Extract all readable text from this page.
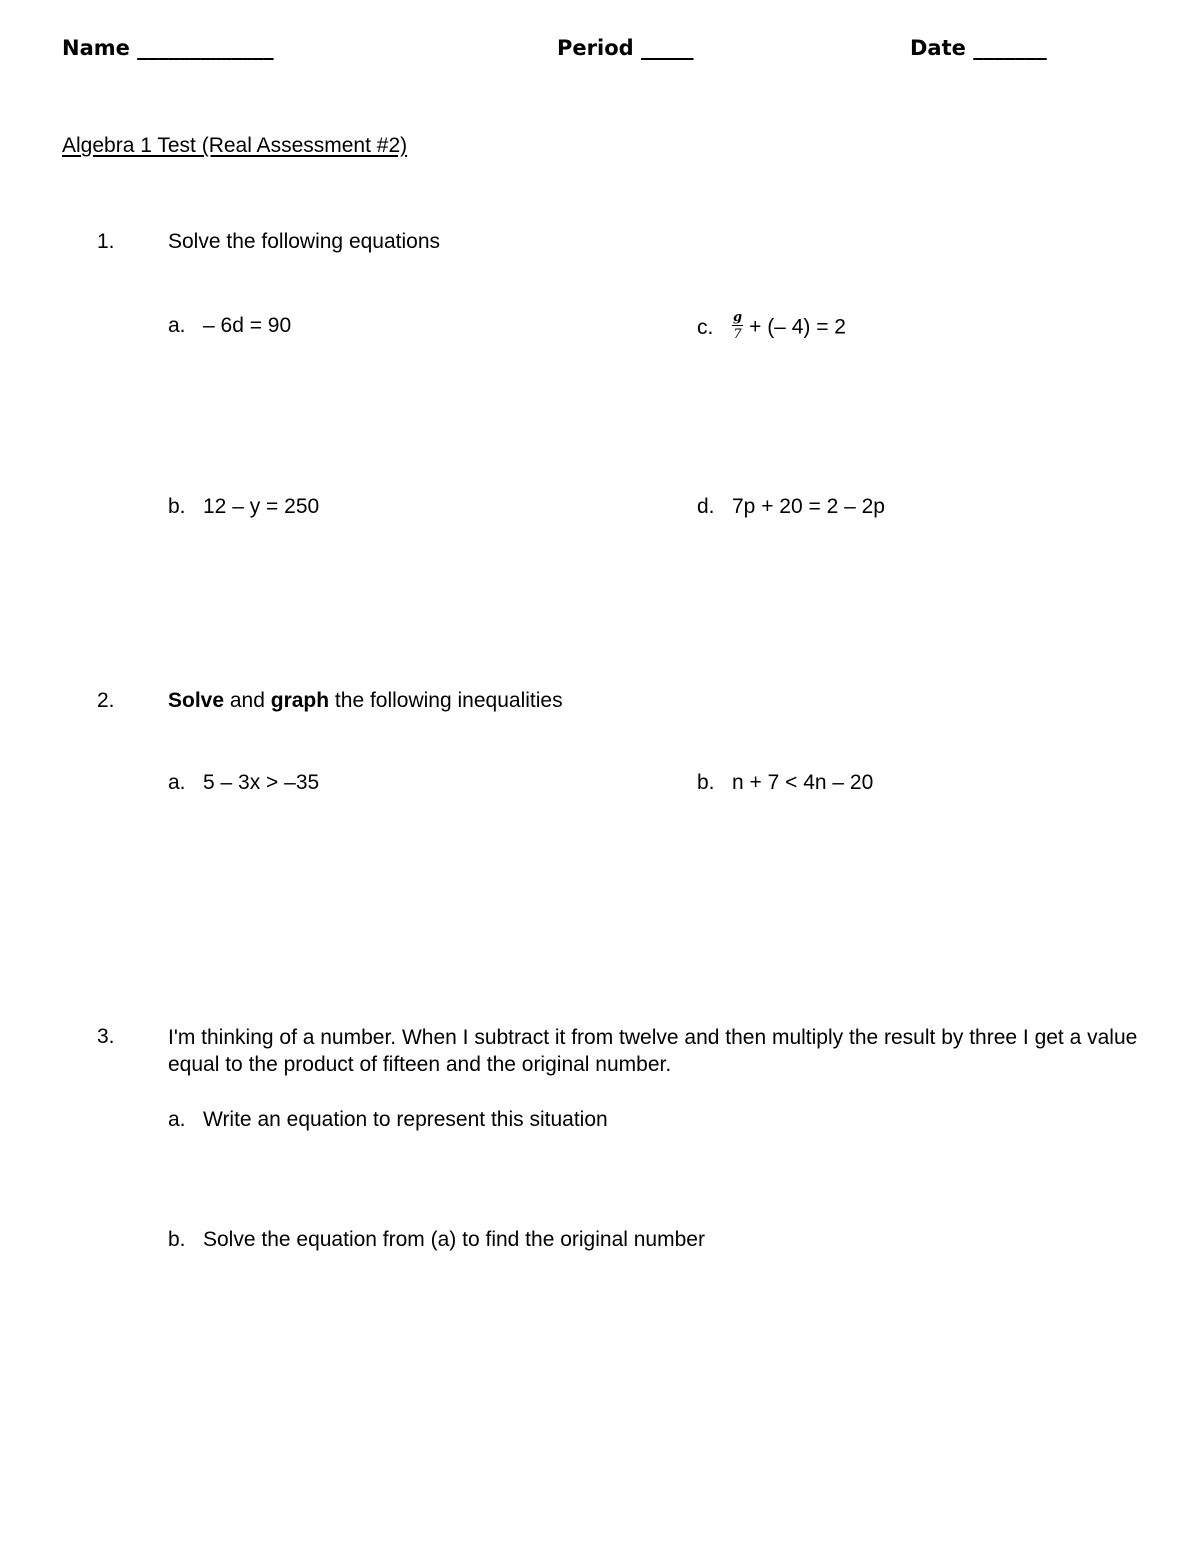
Name _____________	Period _____	Date _______
Algebra 1 Test (Real Assessment #2)
1.	Solve the following equations
a. – 6d = 90	c. $\frac{g}{7}$ + (– 4) = 2
b. 12 – y = 250	d. 7p + 20 = 2 – 2p
2.	Solve and graph the following inequalities
a. 5 – 3x > –35	b. n + 7 < 4n – 20
3.	I'm thinking of a number. When I subtract it from twelve and then multiply the result by three I get a value equal to the product of fifteen and the original number.
a. Write an equation to represent this situation
b. Solve the equation from (a) to find the original number
